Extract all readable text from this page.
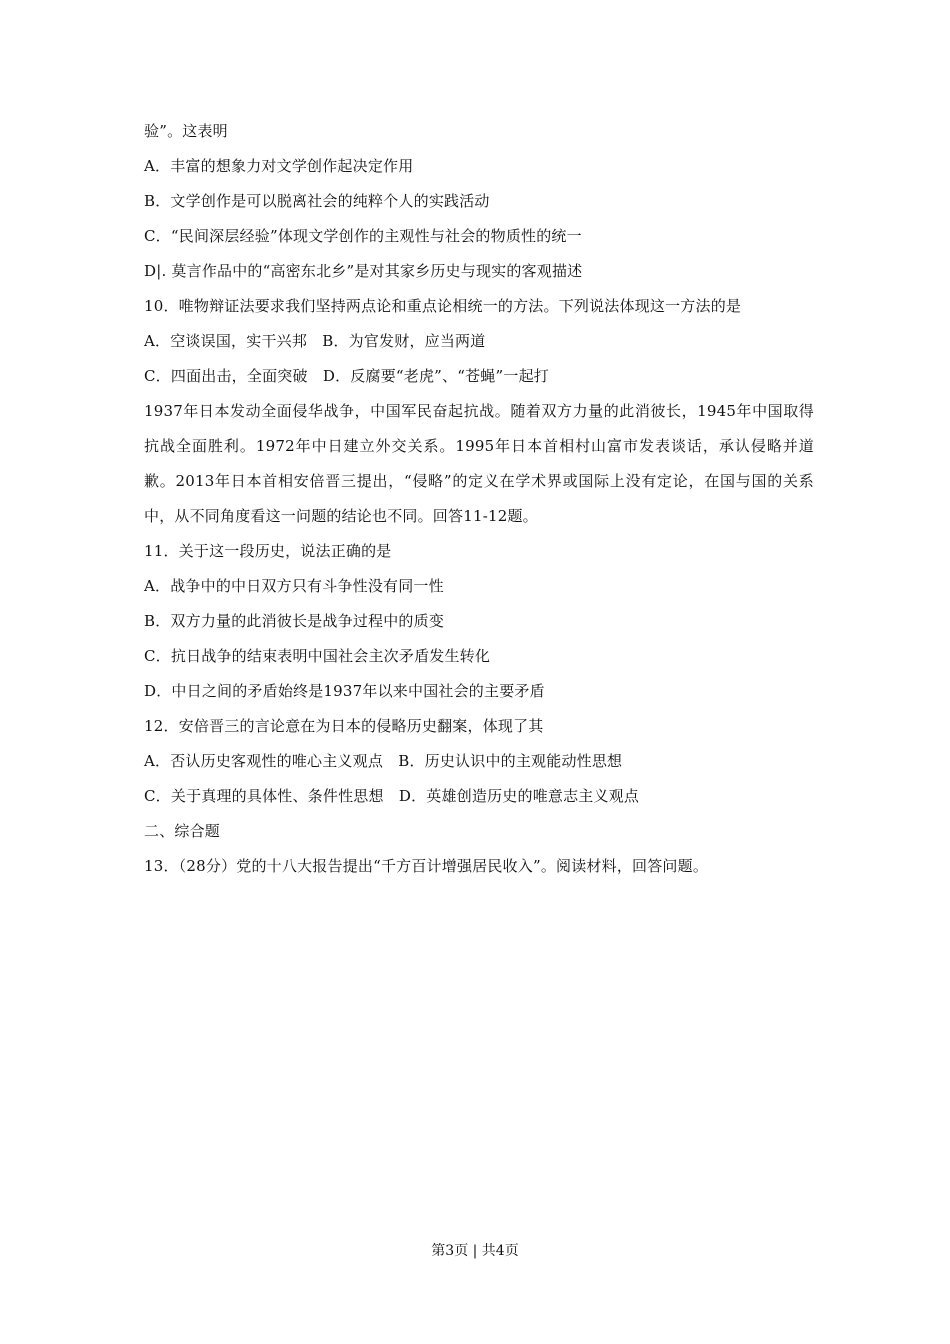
验”。这表明
A．丰富的想象力对文学创作起决定作用
B．文学创作是可以脱离社会的纯粹个人的实践活动
C．“民间深层经验”体现文学创作的主观性与社会的物质性的统一
D|. 莫言作品中的“高密东北乡”是对其家乡历史与现实的客观描述
10．唯物辩证法要求我们坚持两点论和重点论相统一的方法。下列说法体现这一方法的是
A．空谈误国，实干兴邦　B．为官发财，应当两道
C．四面出击，全面突破　D．反腐要“老虎”、“苍蝇”一起打
1937年日本发动全面侵华战争，中国军民奋起抗战。随着双方力量的此消彼长，1945年中国取得抗战全面胜利。1972年中日建立外交关系。1995年日本首相村山富市发表谈话，承认侵略并道歉。2013年日本首相安倍晋三提出，“侵略”的定义在学术界或国际上没有定论，在国与国的关系中，从不同角度看这一问题的结论也不同。回答11-12题。
11．关于这一段历史，说法正确的是
A．战争中的中日双方只有斗争性没有同一性
B．双方力量的此消彼长是战争过程中的质变
C．抗日战争的结束表明中国社会主次矛盾发生转化
D．中日之间的矛盾始终是1937年以来中国社会的主要矛盾
12．安倍晋三的言论意在为日本的侵略历史翻案，体现了其
A．否认历史客观性的唯心主义观点　B．历史认识中的主观能动性思想
C．关于真理的具体性、条件性思想　D．英雄创造历史的唯意志主义观点
二、综合题
13．（28分）党的十八大报告提出“千方百计增强居民收入”。阅读材料，回答问题。
第3页 | 共4页
